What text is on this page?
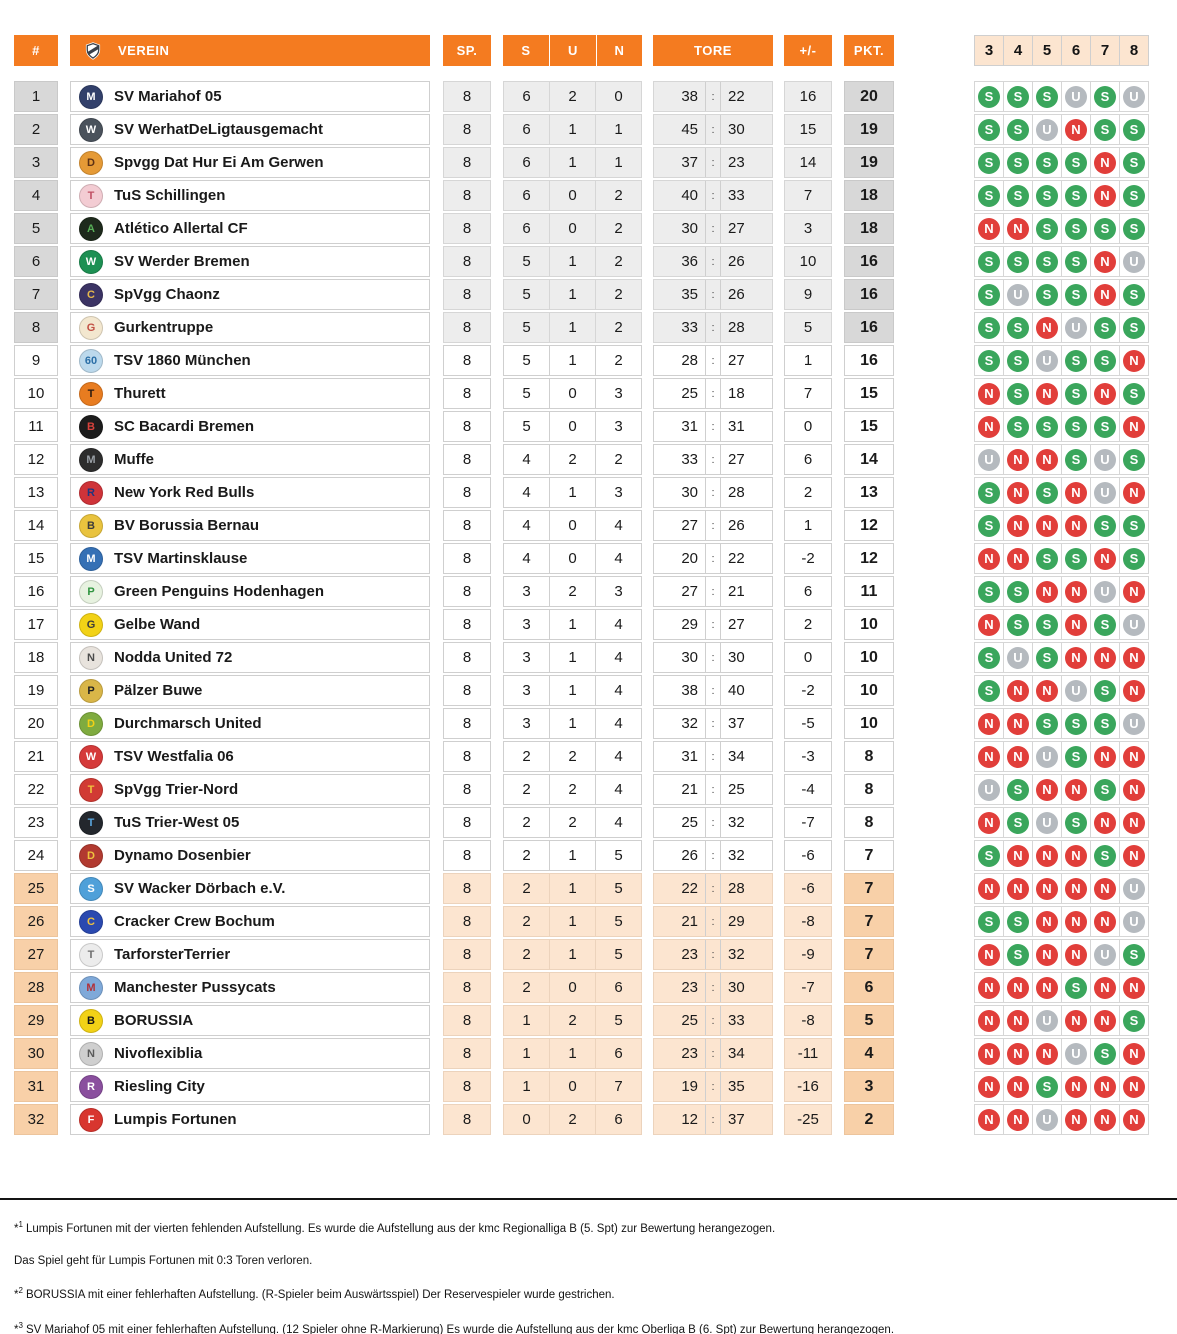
#	VEREIN	SP.	S	U	N	TORE	+/-	PKT.	3	4	5	6	7	8
1	M	SV Mariahof 05	8	6	2	0	38	: 22	16	20	S	S	S	U	S	U
2	W	SV WerhatDeLigtausgemacht	8	6	1	1	45	: 30	15	19	S	S	U	N	S	S
3	D	Spvgg Dat Hur Ei Am Gerwen	8	6	1	1	37	: 23	14	19	S	S	S	S	N	S
4	T	TuS Schillingen	8	6	0	2	40	: 33	7	18	S	S	S	S	N	S
5	A	Atlético Allertal CF	8	6	0	2	30	: 27	3	18	N	N	S	S	S	S
6	W	SV Werder Bremen	8	5	1	2	36	: 26	10	16	S	S	S	S	N	U
7	C	SpVgg Chaonz	8	5	1	2	35	: 26	9	16	S	U	S	S	N	S
8	G	Gurkentruppe	8	5	1	2	33	: 28	5	16	S	S	N	U	S	S
9	60	TSV 1860 München	8	5	1	2	28	: 27	1	16	S	S	U	S	S	N
10	T	Thurett	8	5	0	3	25	: 18	7	15	N	S	N	S	N	S
11	B	SC Bacardi Bremen	8	5	0	3	31	: 31	0	15	N	S	S	S	S	N
12	M	Muffe	8	4	2	2	33	: 27	6	14	U	N	N	S	U	S
13	R	New York Red Bulls	8	4	1	3	30	: 28	2	13	S	N	S	N	U	N
14	B	BV Borussia Bernau	8	4	0	4	27	: 26	1	12	S	N	N	N	S	S
15	M	TSV Martinsklause	8	4	0	4	20	: 22	-2	12	N	N	S	S	N	S
16	P	Green Penguins Hodenhagen	8	3	2	3	27	: 21	6	11	S	S	N	N	U	N
17	G	Gelbe Wand	8	3	1	4	29	: 27	2	10	N	S	S	N	S	U
18	N	Nodda United 72	8	3	1	4	30	: 30	0	10	S	U	S	N	N	N
19	P	Pälzer Buwe	8	3	1	4	38	: 40	-2	10	S	N	N	U	S	N
20	D	Durchmarsch United	8	3	1	4	32	: 37	-5	10	N	N	S	S	S	U
21	W	TSV Westfalia 06	8	2	2	4	31	: 34	-3	8	N	N	U	S	N	N
22	T	SpVgg Trier-Nord	8	2	2	4	21	: 25	-4	8	U	S	N	N	S	N
23	T	TuS Trier-West 05	8	2	2	4	25	: 32	-7	8	N	S	U	S	N	N
24	D	Dynamo Dosenbier	8	2	1	5	26	: 32	-6	7	S	N	N	N	S	N
25	S	SV Wacker Dörbach e.V.	8	2	1	5	22	: 28	-6	7	N	N	N	N	N	U
26	C	Cracker Crew Bochum	8	2	1	5	21	: 29	-8	7	S	S	N	N	N	U
27	T	TarforsterTerrier	8	2	1	5	23	: 32	-9	7	N	S	N	N	U	S
28	M	Manchester Pussycats	8	2	0	6	23	: 30	-7	6	N	N	N	S	N	N
29	B	BORUSSIA	8	1	2	5	25	: 33	-8	5	N	N	U	N	N	S
30	N	Nivoflexiblia	8	1	1	6	23	: 34	-11	4	N	N	N	U	S	N
31	R	Riesling City	8	1	0	7	19	: 35	-16	3	N	N	S	N	N	N
32	F	Lumpis Fortunen	8	0	2	6	12	: 37	-25	2	N	N	U	N	N	N
*$^1$ Lumpis Fortunen mit der vierten fehlenden Aufstellung. Es wurde die Aufstellung aus der kmc Regionalliga B (5. Spt) zur Bewertung herangezogen.
Das Spiel geht für Lumpis Fortunen mit 0:3 Toren verloren.
*$^2$ BORUSSIA mit einer fehlerhaften Aufstellung. (R-Spieler beim Auswärtsspiel) Der Reservespieler wurde gestrichen.
*$^3$ SV Mariahof 05 mit einer fehlerhaften Aufstellung. (12 Spieler ohne R-Markierung) Es wurde die Aufstellung aus der kmc Oberliga B (6. Spt) zur Bewertung herangezogen.
